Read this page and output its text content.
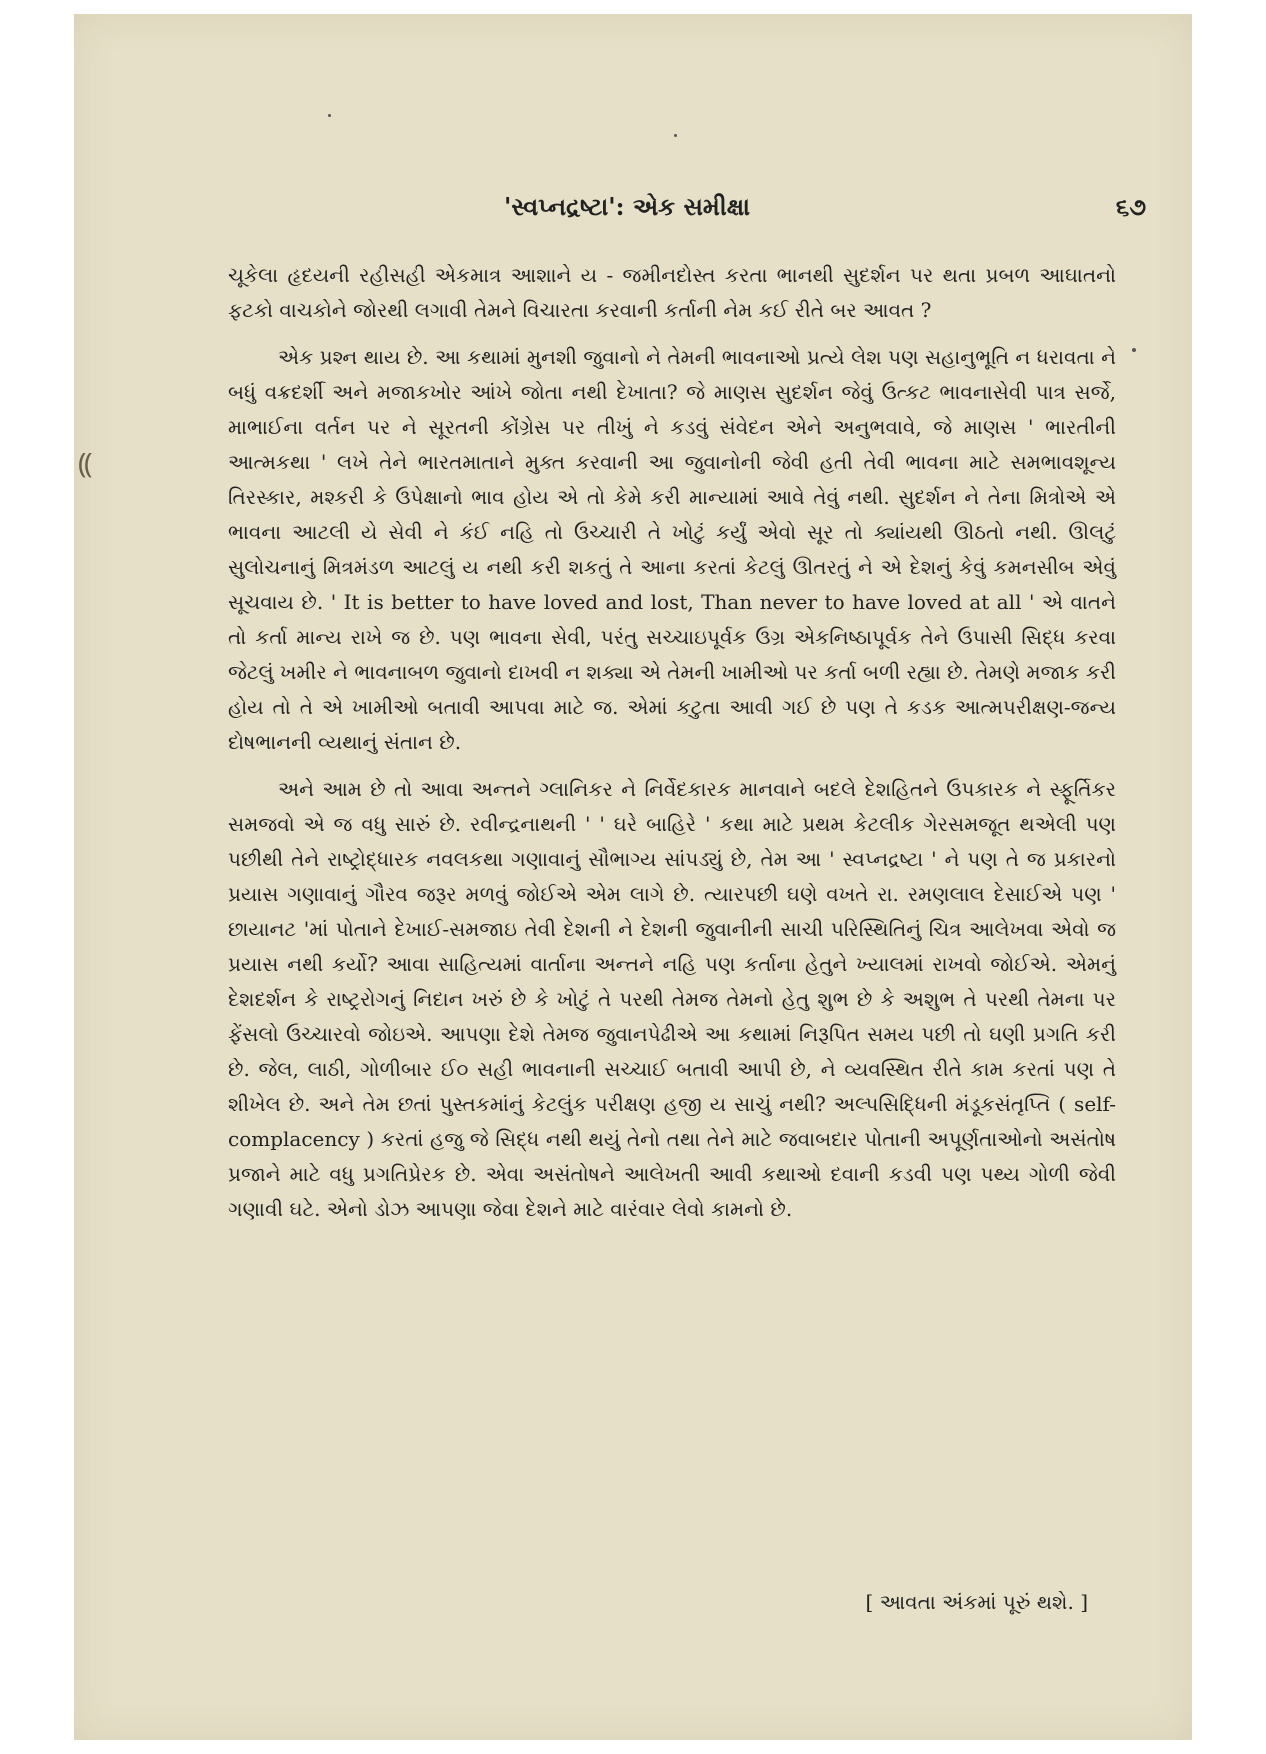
'સ્વપ્નદ્રષ્ટા': એક સમીક્ષા	૬૭

ચૂકેલા હૃદયની રહીસહી એકમાત્ર આશાને ય - જમીનદોસ્ત કરતા ભાનથી સુદર્શન પર થતા પ્રબળ આઘાતનો ફટકો વાચકોને જોરથી લગાવી તેમને વિચારતા કરવાની કર્તાની નેમ કઈ રીતે બર આવત ?

એક પ્રશ્ન થાય છે. આ કથામાં મુનશી જુવાનો ને તેમની ભાવનાઓ પ્રત્યે લેશ પણ સહાનુભૂતિ ન ધરાવતા ને બધું વક્રદર્શી અને મજાકખોર આંખે જોતા નથી દેખાતા? જે માણસ સુદર્શન જેવું ઉત્કટ ભાવનાસેવી પાત્ર સર્જે, માભાઈના વર્તન પર ને સૂરતની કોંગ્રેસ પર તીખું ને કડવું સંવેદન એને અનુભવાવે, જે માણસ ' ભારતીની આત્મકથા ' લખે તેને ભારતમાતાને મુક્ત કરવાની આ જુવાનોની જેવી હતી તેવી ભાવના માટે સમભાવશૂન્ય તિરસ્કાર, મશ્કરી કે ઉપેક્ષાનો ભાવ હોય એ તો કેમે કરી માન્યામાં આવે તેવું નથી. સુદર્શન ને તેના મિત્રોએ એ ભાવના આટલી યે સેવી ને કંઈ નહિ તો ઉચ્ચારી તે ખોટું કર્યું એવો સૂર તો ક્યાંયથી ઊઠતો નથી. ઊલટું સુલોચનાનું મિત્રમંડળ આટલું ય નથી કરી શકતું તે આના કરતાં કેટલું ઊતરતું ને એ દેશનું કેવું કમનસીબ એવું સૂચવાય છે. ' It is better to have loved and lost, Than never to have loved at all ' એ વાતને તો કર્તા માન્ય રાખે જ છે. પણ ભાવના સેવી, પરંતુ સચ્ચાઇપૂર્વક ઉગ્ર એકનિષ્ઠાપૂર્વક તેને ઉપાસી સિદ્ધ કરવા જેટલું ખમીર ને ભાવનાબળ જુવાનો દાખવી ન શક્યા એ તેમની ખામીઓ પર કર્તા બળી રહ્યા છે. તેમણે મજાક કરી હોય તો તે એ ખામીઓ બતાવી આપવા માટે જ. એમાં કટુતા આવી ગઈ છે પણ તે કડક આત્મપરીક્ષણ-જન્ય દોષભાનની વ્યથાનું સંતાન છે.

અને આમ છે તો આવા અન્તને ગ્લાનિકર ને નિર્વેદકારક માનવાને બદલે દેશહિતને ઉપકારક ને સ્ફૂર્તિકર સમજવો એ જ વધુ સારું છે. રવીન્દ્રનાથની ' ' ઘરે બાહિરે ' કથા માટે પ્રથમ કેટલીક ગેરસમજૂત થએલી પણ પછીથી તેને રાષ્ટ્રોદ્ધારક નવલકથા ગણાવાનું સૌભાગ્ય સાંપડ્યું છે, તેમ આ ' સ્વપ્નદ્રષ્ટા ' ને પણ તે જ પ્રકારનો પ્રયાસ ગણાવાનું ગૌરવ જરૂર મળવું જોઈએ એમ લાગે છે. ત્યારપછી ઘણે વખતે રા. રમણલાલ દેસાઈએ પણ ' છાયાનટ 'માં પોતાને દેખાઈ-સમજાઇ તેવી દેશની ને દેશની જુવાનીની સાચી પરિસ્થિતિનું ચિત્ર આલેખવા એવો જ પ્રયાસ નથી કર્યો? આવા સાહિત્યમાં વાર્તાના અન્તને નહિ પણ કર્તાના હેતુને ખ્યાલમાં રાખવો જોઈએ. એમનું દેશદર્શન કે રાષ્ટ્રરોગનું નિદાન ખરું છે કે ખોટું તે પરથી તેમજ તેમનો હેતુ શુભ છે કે અશુભ તે પરથી તેમના પર ફેંસલો ઉચ્ચારવો જોઇએ. આપણા દેશે તેમજ જુવાનપેઢીએ આ કથામાં નિરૂપિત સમય પછી તો ઘણી પ્રગતિ કરી છે. જેલ, લાઠી, ગોળીબાર ઈ૦ સહી ભાવનાની સચ્ચાઈ બતાવી આપી છે, ને વ્યવસ્થિત રીતે કામ કરતાં પણ તે શીખેલ છે. અને તેમ છતાં પુસ્તકમાંનું કેટલુંક પરીક્ષણ હજી ય સાચું નથી? અલ્પસિદ્ધિની મંડૂકસંતૃપ્તિ ( self-complacency ) કરતાં હજુ જે સિદ્ધ નથી થયું તેનો તથા તેને માટે જવાબદાર પોતાની અપૂર્ણતાઓનો અસંતોષ પ્રજાને માટે વધુ પ્રગતિપ્રેરક છે. એવા અસંતોષને આલેખતી આવી કથાઓ દવાની કડવી પણ પથ્ય ગોળી જેવી ગણાવી ઘટે. એનો ડોઝ આપણા જેવા દેશને માટે વારંવાર લેવો કામનો છે.

[ આવતા અંકમાં પૂરું થશે. ]
⸨
